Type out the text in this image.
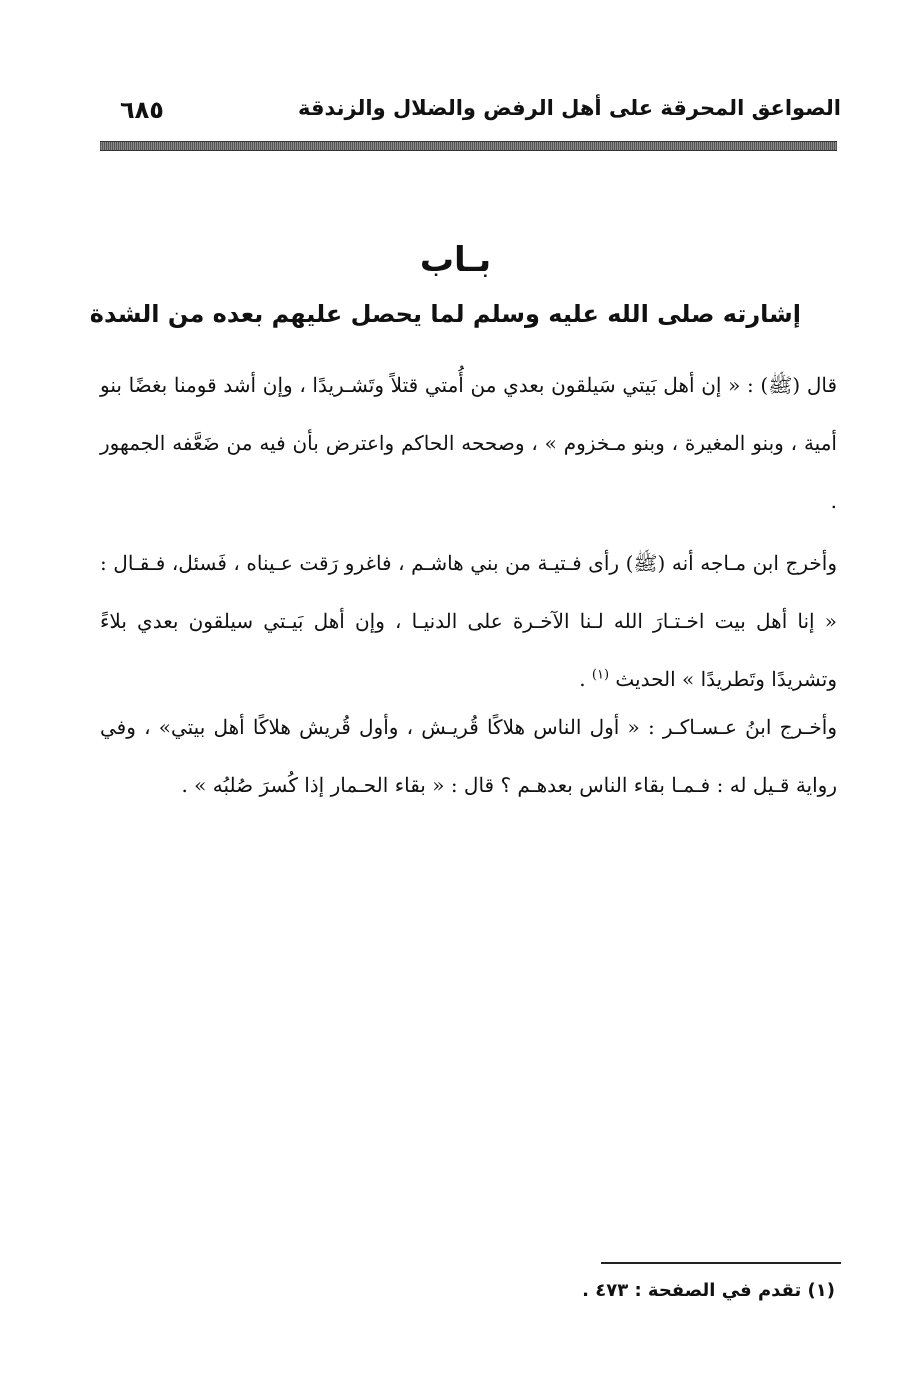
الصواعق المحرقة على أهل الرفض والضلال والزندقة
٦٨٥
بـاب
إشارته صلى الله عليه وسلم لما يحصل عليهم بعده من الشدة

قال (ﷺ) : « إن أهل بَيتي سَيلقون بعدي من أُمتي قتلاً وتَشـريدًا ، وإن أشد قومنا بغضًا بنو أمية ، وبنو المغيرة ، وبنو مـخزوم » ، وصححه الحاكم واعترض بأن فيه من ضَعَّفه الجمهور .

وأخرج ابن مـاجه أنه (ﷺ) رأى فـتيـة من بني هاشـم ، فاغرو رَقت عـيناه ، فَسئل، فـقـال : « إنا أهل بيت اخـتـارَ الله لـنا الآخـرة على الدنيـا ، وإن أهل بَيـتي سيلقون بعدي بلاءً وتشريدًا وتَطريدًا » الحديث $^{(١)}$ .

وأخـرج ابنُ عـسـاكـر : « أول الناس هلاكًا قُريـش ، وأول قُريش هلاكًا أهل بيتي» ، وفي رواية قـيل له : فـمـا بقاء الناس بعدهـم ؟ قال : « بقاء الحـمار إذا كُسرَ صُلبُه » .

(١) تقدم في الصفحة : ٤٧٣ .
